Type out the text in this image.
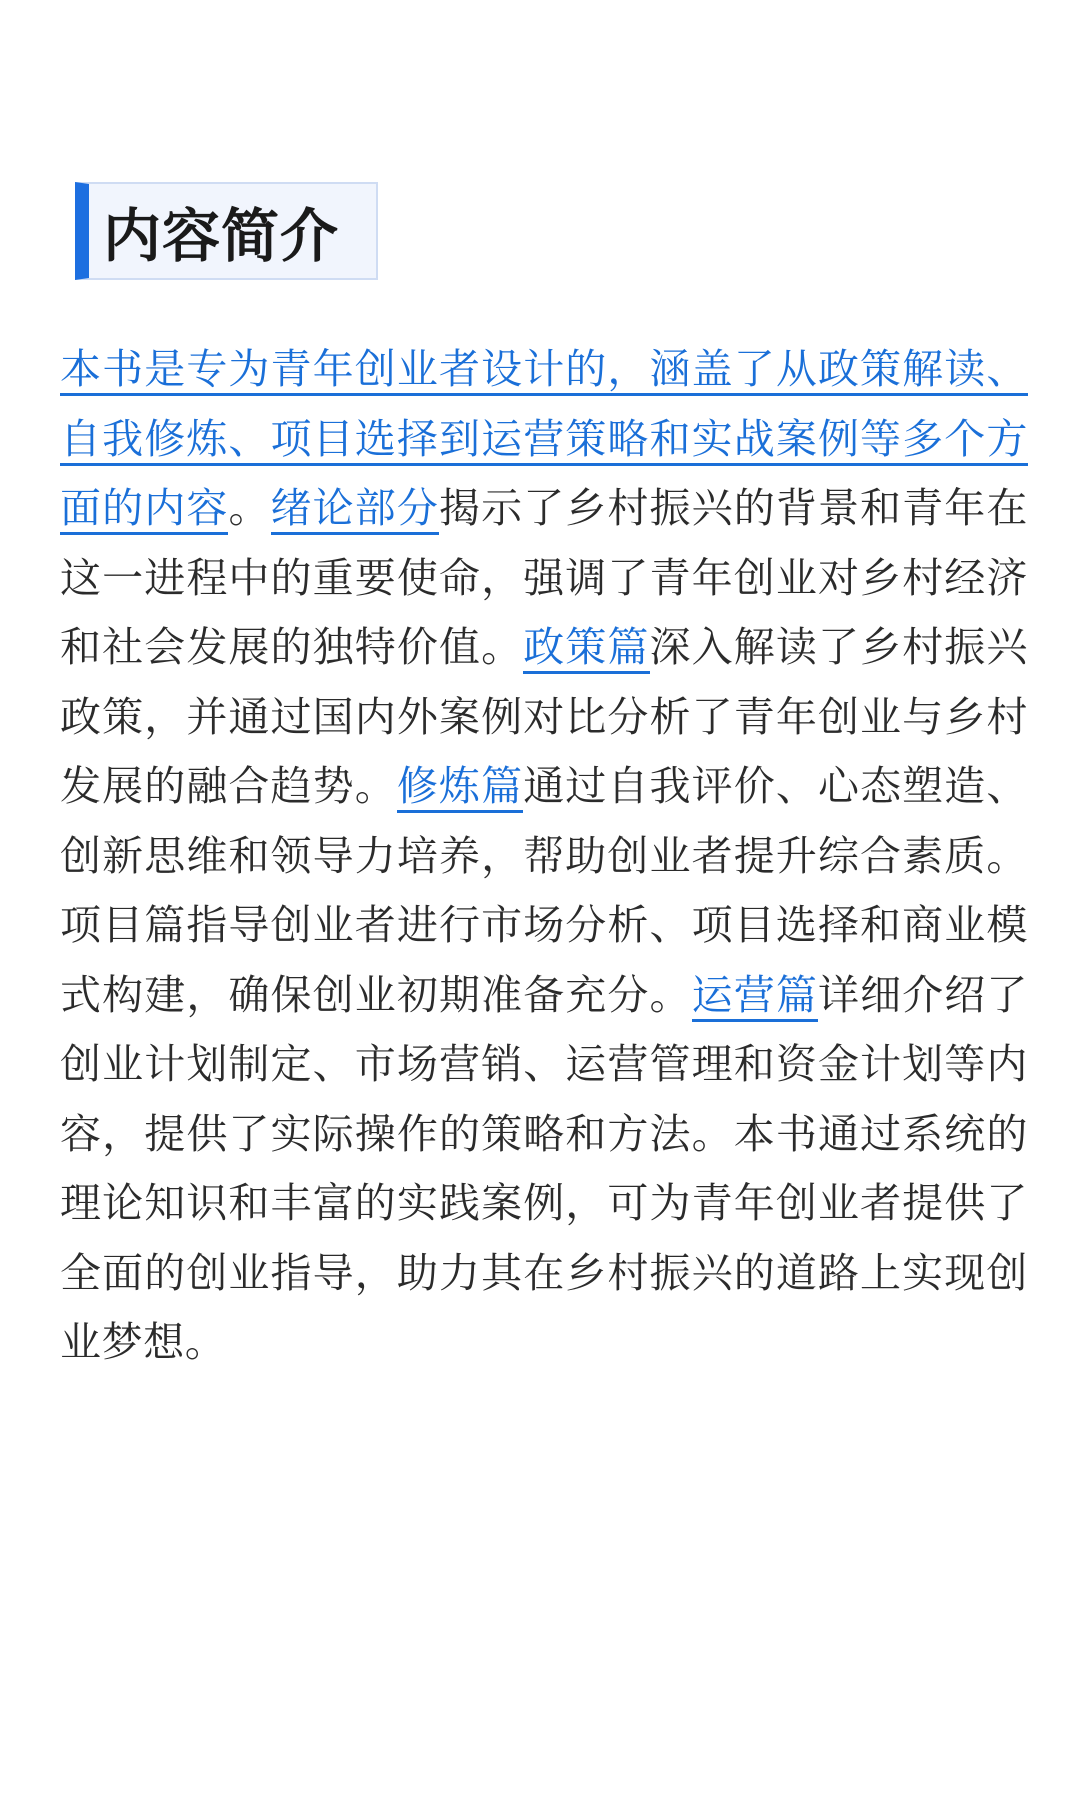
内容简介
本书是专为青年创业者设计的，涵盖了从政策解读、自我修炼、项目选择到运营策略和实战案例等多个方面的内容。绪论部分揭示了乡村振兴的背景和青年在这一进程中的重要使命，强调了青年创业对乡村经济和社会发展的独特价值。政策篇深入解读了乡村振兴政策，并通过国内外案例对比分析了青年创业与乡村发展的融合趋势。修炼篇通过自我评价、心态塑造、创新思维和领导力培养，帮助创业者提升综合素质。项目篇指导创业者进行市场分析、项目选择和商业模式构建，确保创业初期准备充分。运营篇详细介绍了创业计划制定、市场营销、运营管理和资金计划等内容，提供了实际操作的策略和方法。本书通过系统的理论知识和丰富的实践案例，可为青年创业者提供了全面的创业指导，助力其在乡村振兴的道路上实现创业梦想。
